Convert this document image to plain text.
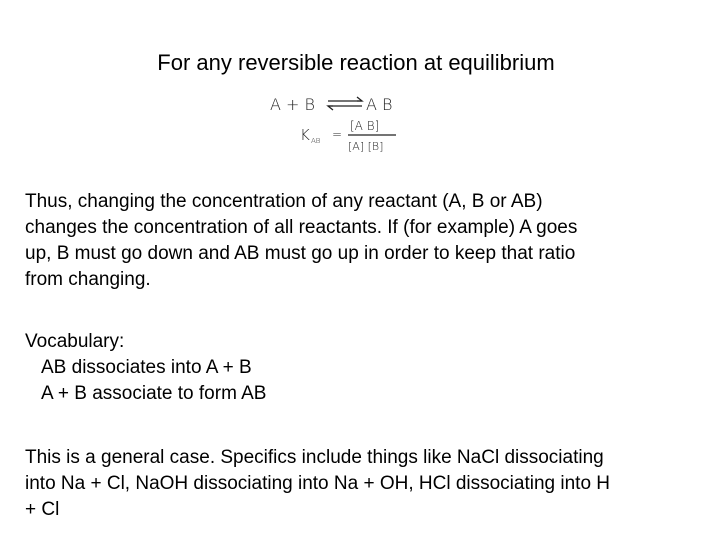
For any reversible reaction at equilibrium
A + B	A B
K AB =
[A B]
[A] [B]
Thus, changing the concentration of any reactant (A, B or AB)
changes the concentration of all reactants. If (for example) A goes
up, B must go down and AB must go up in order to keep that ratio
from changing.
Vocabulary:
AB dissociates into A + B
A + B associate to form AB
This is a general case. Specifics include things like NaCl dissociating
into Na + Cl, NaOH dissociating into Na + OH, HCl dissociating into H
+ Cl
